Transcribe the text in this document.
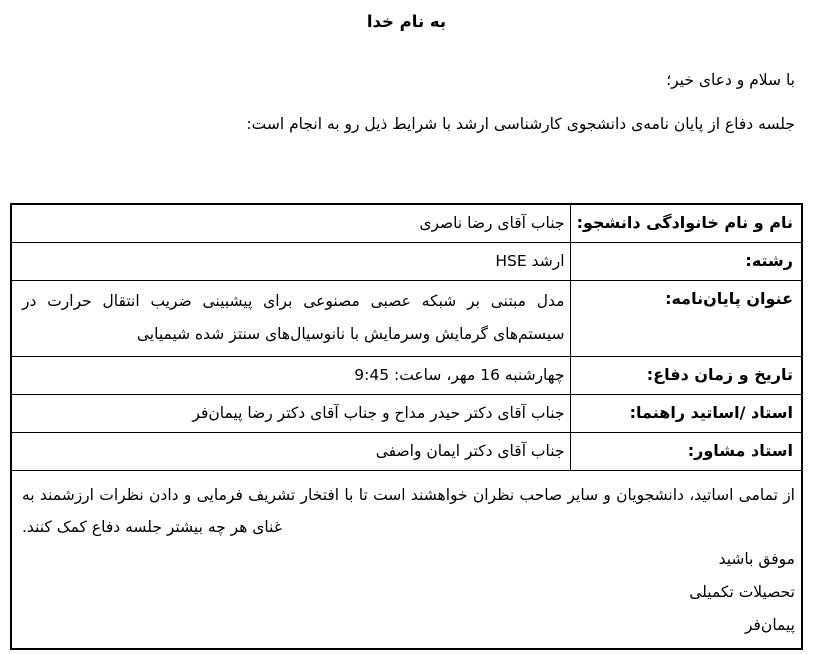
به نام خدا
با سلام و دعای خیر؛
جلسه دفاع از پایان نامه‌ی دانشجوی کارشناسی ارشد با شرایط ذیل رو به انجام است:
نام و نام خانوادگی دانشجو:	جناب آقای رضا ناصری
رشته:	ارشد HSE
عنوان پایان‌نامه:	مدل مبتنی بر شبکه عصبی مصنوعی برای پیشبینی ضریب انتقال حرارت در سیستم‌های گرمایش وسرمایش با نانوسیال‌های سنتز شده شیمیایی
تاریخ و زمان دفاع:	چهارشنبه 16 مهر، ساعت: 9:45
استاد /اساتید راهنما:	جناب آقای دکتر حیدر مداح و جناب آقای دکتر رضا پیمان‌فر
استاد مشاور:	جناب آقای دکتر ایمان واصفی

از تمامی اساتید، دانشجویان و سایر صاحب نظران خواهشند است تا با افتخار تشریف فرمایی و دادن نظرات ارزشمند به غنای هر چه بیشتر جلسه دفاع کمک کنند.
موفق باشید
تحصیلات تکمیلی
پیمان‌فر	
